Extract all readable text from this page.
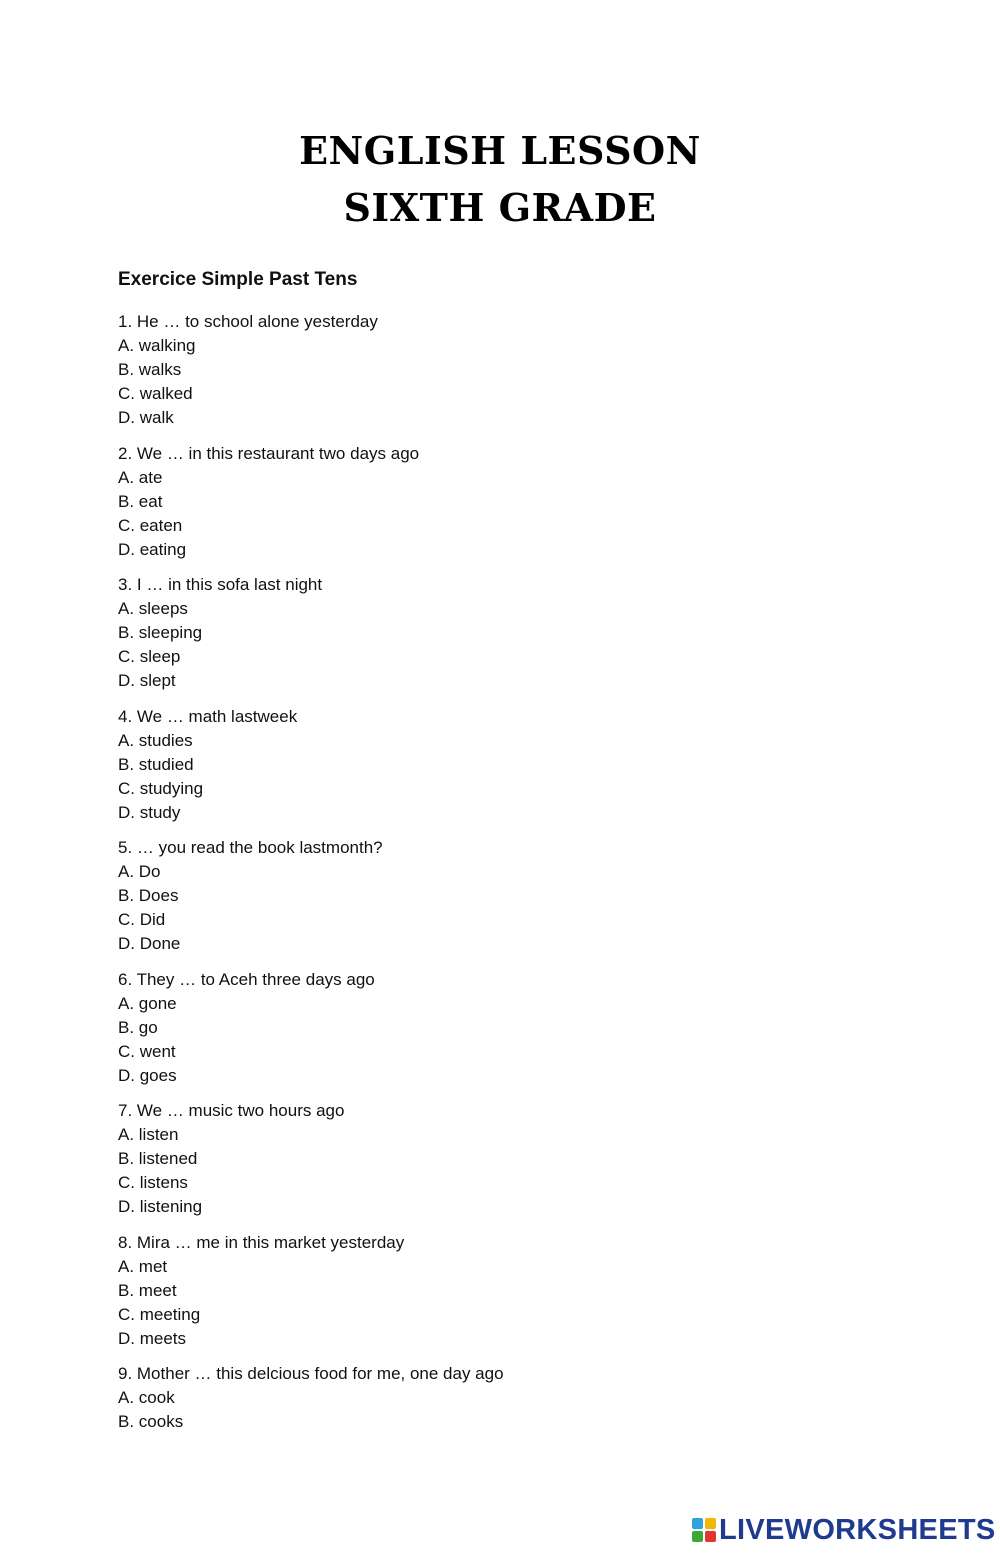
ENGLISH LESSON
SIXTH GRADE
Exercice Simple Past Tens
1. He … to school alone yesterday
A. walking
B. walks
C. walked
D. walk
2. We … in this restaurant two days ago
A. ate
B. eat
C. eaten
D. eating
3. I … in this sofa last night
A. sleeps
B. sleeping
C. sleep
D. slept
4. We … math lastweek
A. studies
B. studied
C. studying
D. study
5. … you read the book lastmonth?
A. Do
B. Does
C. Did
D. Done
6. They … to Aceh three days ago
A. gone
B. go
C. went
D. goes
7. We … music two hours ago
A. listen
B. listened
C. listens
D. listening
8. Mira … me in this market yesterday
A. met
B. meet
C. meeting
D. meets
9. Mother … this delcious food for me, one day ago
A. cook
B. cooks
LIVEWORKSHEETS
